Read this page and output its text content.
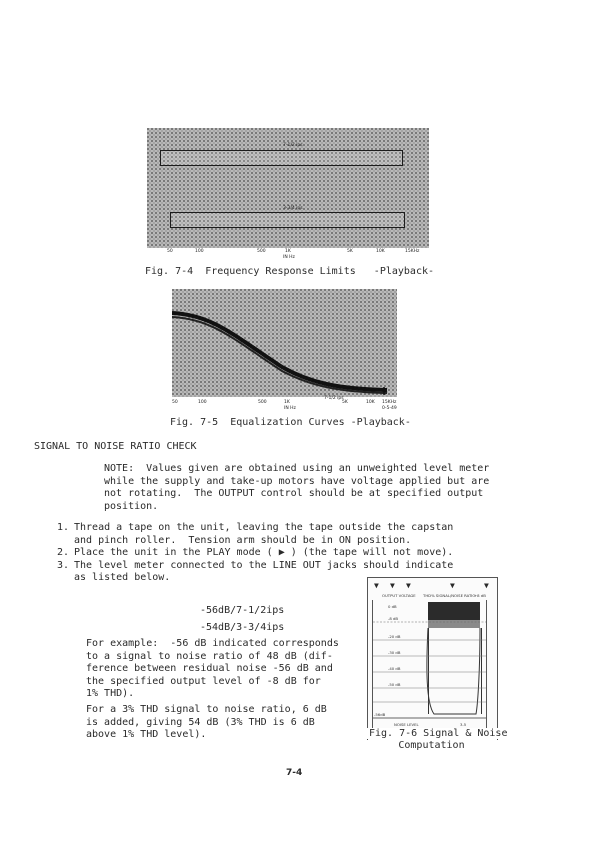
7-1/2 ips
3-3/4 ips
50	100	500	1K	5K	10K	15KHz
IN Hz
Fig. 7-4 Frequency Response Limits -Playback-
50	100	500	1K
7-1/2 ips
5K	10K 15KHz
IN Hz	0-5-49
Fig. 7-5 Equalization Curves -Playback-
SIGNAL TO NOISE RATIO CHECK
NOTE:  Values given are obtained using an unweighted level meter
while the supply and take-up motors have voltage applied but are
not rotating.  The OUTPUT control should be at specified output
position.
1. Thread a tape on the unit, leaving the tape outside the capstan
and pinch roller.  Tension arm should be in ON position.
2. Place the unit in the PLAY mode ( ▶ ) (the tape will not move).
3. The level meter connected to the LINE OUT jacks should indicate
as listed below.
-56dB/7-1/2ips
-54dB/3-3/4ips
For example:  -56 dB indicated corresponds
to a signal to noise ratio of 48 dB (dif-
ference between residual noise -56 dB and
the specified output level of -8 dB for
1% THD).
For a 3% THD signal to noise ratio, 6 dB
is added, giving 54 dB (3% THD is 6 dB
above 1% THD level).
▼ ▼ ▼	▼	▼
OUTPUT VOLTAGE THD% SIGNAL/NOISE RATIO
+8 dB
0 dB
-8 dB
-20 dB
-30 dB
-40 dB
-50 dB
-56dB
NOISE LEVEL	3-5
Fig. 7-6 Signal & Noise
Computation
7-4
